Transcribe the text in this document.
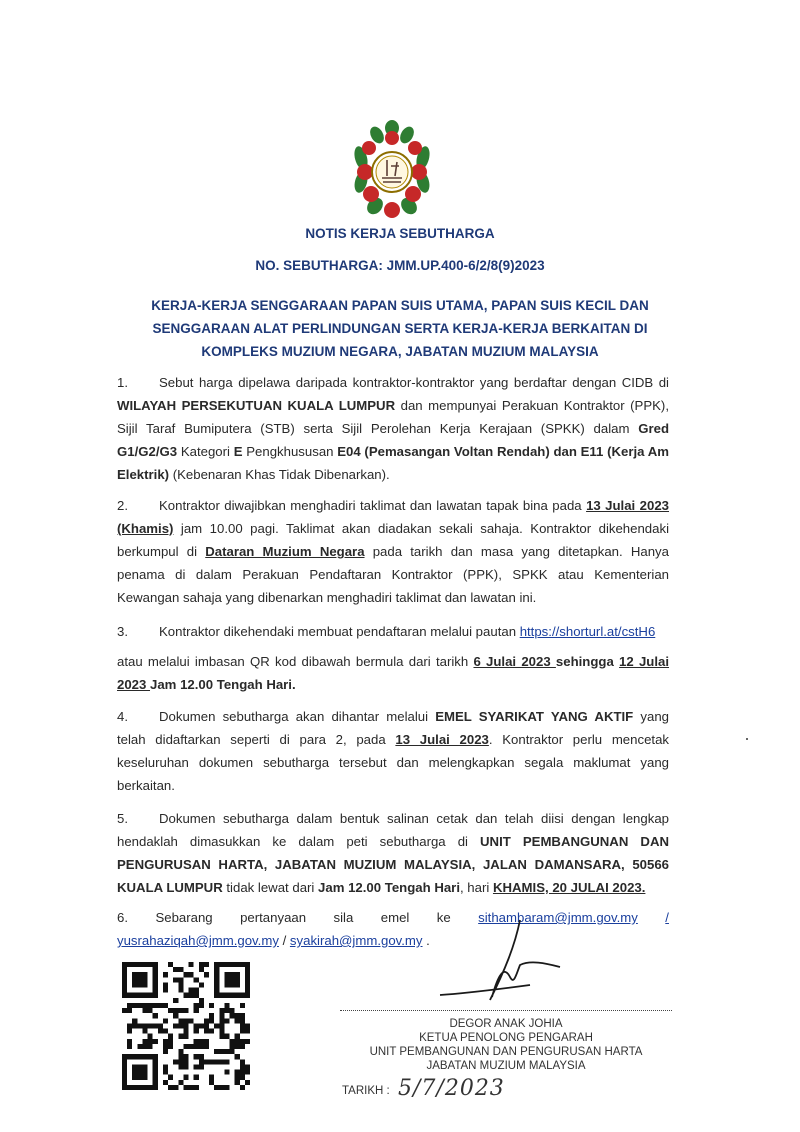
NOTIS KERJA SEBUTHARGA
NO. SEBUTHARGA: JMM.UP.400-6/2/8(9)2023
KERJA-KERJA SENGGARAAN PAPAN SUIS UTAMA, PAPAN SUIS KECIL DAN
SENGGARAAN ALAT PERLINDUNGAN SERTA KERJA-KERJA BERKAITAN DI
KOMPLEKS MUZIUM NEGARA, JABATAN MUZIUM MALAYSIA
1. Sebut harga dipelawa daripada kontraktor-kontraktor yang berdaftar dengan CIDB di WILAYAH PERSEKUTUAN KUALA LUMPUR dan mempunyai Perakuan Kontraktor (PPK), Sijil Taraf Bumiputera (STB) serta Sijil Perolehan Kerja Kerajaan (SPKK) dalam Gred G1/G2/G3 Kategori E Pengkhususan E04 (Pemasangan Voltan Rendah) dan E11 (Kerja Am Elektrik) (Kebenaran Khas Tidak Dibenarkan).
2. Kontraktor diwajibkan menghadiri taklimat dan lawatan tapak bina pada 13 Julai 2023 (Khamis) jam 10.00 pagi. Taklimat akan diadakan sekali sahaja. Kontraktor dikehendaki berkumpul di Dataran Muzium Negara pada tarikh dan masa yang ditetapkan. Hanya penama di dalam Perakuan Pendaftaran Kontraktor (PPK), SPKK atau Kementerian Kewangan sahaja yang dibenarkan menghadiri taklimat dan lawatan ini.
3. Kontraktor dikehendaki membuat pendaftaran melalui pautan https://shorturl.at/cstH6
atau melalui imbasan QR kod dibawah bermula dari tarikh 6 Julai 2023 sehingga 12 Julai 2023 Jam 12.00 Tengah Hari.
4. Dokumen sebutharga akan dihantar melalui EMEL SYARIKAT YANG AKTIF yang telah didaftarkan seperti di para 2, pada 13 Julai 2023. Kontraktor perlu mencetak keseluruhan dokumen sebutharga tersebut dan melengkapkan segala maklumat yang berkaitan.
5. Dokumen sebutharga dalam bentuk salinan cetak dan telah diisi dengan lengkap hendaklah dimasukkan ke dalam peti sebutharga di UNIT PEMBANGUNAN DAN PENGURUSAN HARTA, JABATAN MUZIUM MALAYSIA, JALAN DAMANSARA, 50566 KUALA LUMPUR tidak lewat dari Jam 12.00 Tengah Hari, hari KHAMIS, 20 JULAI 2023.
6. Sebarang pertanyaan sila emel ke sithambaram@jmm.gov.my /
yusrahaziqah@jmm.gov.my / syakirah@jmm.gov.my .
DEGOR ANAK JOHIA
KETUA PENOLONG PENGARAH
UNIT PEMBANGUNAN DAN PENGURUSAN HARTA
JABATAN MUZIUM MALAYSIA
TARIKH : 5/7/2023
